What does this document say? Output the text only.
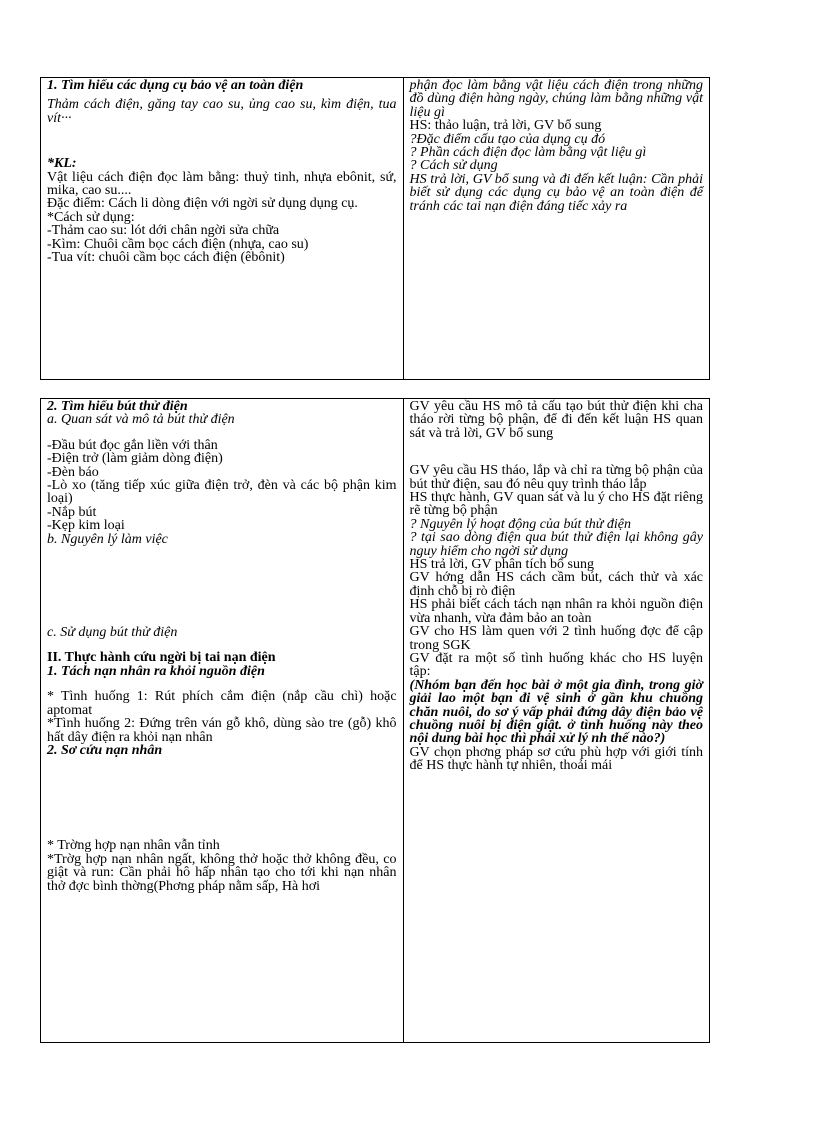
1. Tìm hiểu các dụng cụ bảo vệ an toàn điện
Thảm cách điện, găng tay cao su, ủng cao su, kìm điện, tua vít···
*KL:
Vật liệu cách điện đọc làm bằng: thuỷ tinh, nhựa ebônit, sứ, mika, cao su....
Đặc điểm: Cách li dòng điện với ngời sử dụng dụng cụ.
*Cách sử dụng:
-Thảm cao su: lót dới chân ngời sửa chữa
-Kìm: Chuôi cầm bọc cách điện (nhựa, cao su)
-Tua vít: chuôi cầm bọc cách điện (êbônit)

phận đọc làm bằng vật liệu cách điện trong những đồ dùng điện hàng ngày, chúng làm bằng những vật liệu gì
HS: thảo luận, trả lời, GV bổ sung
?Đặc điểm cấu tạo của dụng cụ đó
? Phần cách điện đọc làm bằng vật liệu gì
? Cách sử dụng
HS trả lời, GV bổ sung và đi đến kết luận: Cần phải biết sử dụng các dụng cụ bảo vệ an toàn điện để tránh các tai nạn điện đáng tiếc xảy ra
2. Tìm hiểu bút thử điện
a. Quan sát và mô tả bút thử điện
-Đầu bút đọc gắn liền với thân
-Điện trở (làm giảm dòng điện)
-Đèn báo
-Lò xo (tăng tiếp xúc giữa điện trở, đèn và các bộ phận kim loại)
-Nắp bút
-Kẹp kim loại
b. Nguyên lý làm việc
c. Sử dụng bút thử điện
II. Thực hành cứu ngời bị tai nạn điện
1. Tách nạn nhân ra khỏi nguồn điện
* Tình huống 1: Rút phích cắm điện (nắp cầu chì) hoặc aptomat
*Tình huống 2: Đứng trên ván gỗ khô, dùng sào tre (gỗ) khô hất dây điện ra khỏi nạn nhân
2. Sơ cứu nạn nhân
* Trờng hợp nạn nhân vẫn tỉnh
*Trờg hợp nạn nhân ngất, không thở hoặc thở không đều, co giật và run: Cần phải hô hấp nhân tạo cho tới khi nạn nhân thở đợc bình thờng(Phơng pháp nằm sấp, Hà hơi

GV yêu cầu HS mô tả cấu tạo bút thử điện khi cha tháo rời từng bộ phận, để đi đến kết luận HS quan sát và trả lời, GV bổ sung
GV yêu cầu HS tháo, lắp và chỉ ra từng bộ phận của bút thử điện, sau đó nêu quy trình tháo lắp
HS thực hành, GV quan sát và lu ý cho HS đặt riêng rẽ từng bộ phận
? Nguyên lý hoạt động của bút thử điện
? tại sao dòng điện qua bút thử điện lại không gây nguy hiểm cho ngời sử dụng
HS trả lời, GV phân tích bổ sung
GV hớng dẫn HS cách cầm bút, cách thử và xác định chỗ bị rò điện
HS phải biết cách tách nạn nhân ra khỏi nguồn điện vừa nhanh, vừa đảm bảo an toàn
GV cho HS làm quen với 2 tình huống đợc để cập trong SGK
GV đặt ra một số tình huống khác cho HS luyện tập:
(Nhóm bạn đến học bài ở một gia đình, trong giờ giải lao một bạn đi vệ sinh ở gần khu chuồng chăn nuôi, do sơ ý vấp phải đứng dây điện bảo vệ chuồng nuôi bị điện giật. ở tình huống này theo nội dung bài học thì phải xử lý nh thế nào?)
GV chọn phơng pháp sơ cứu phù hợp với giới tính để HS thực hành tự nhiên, thoải mái
